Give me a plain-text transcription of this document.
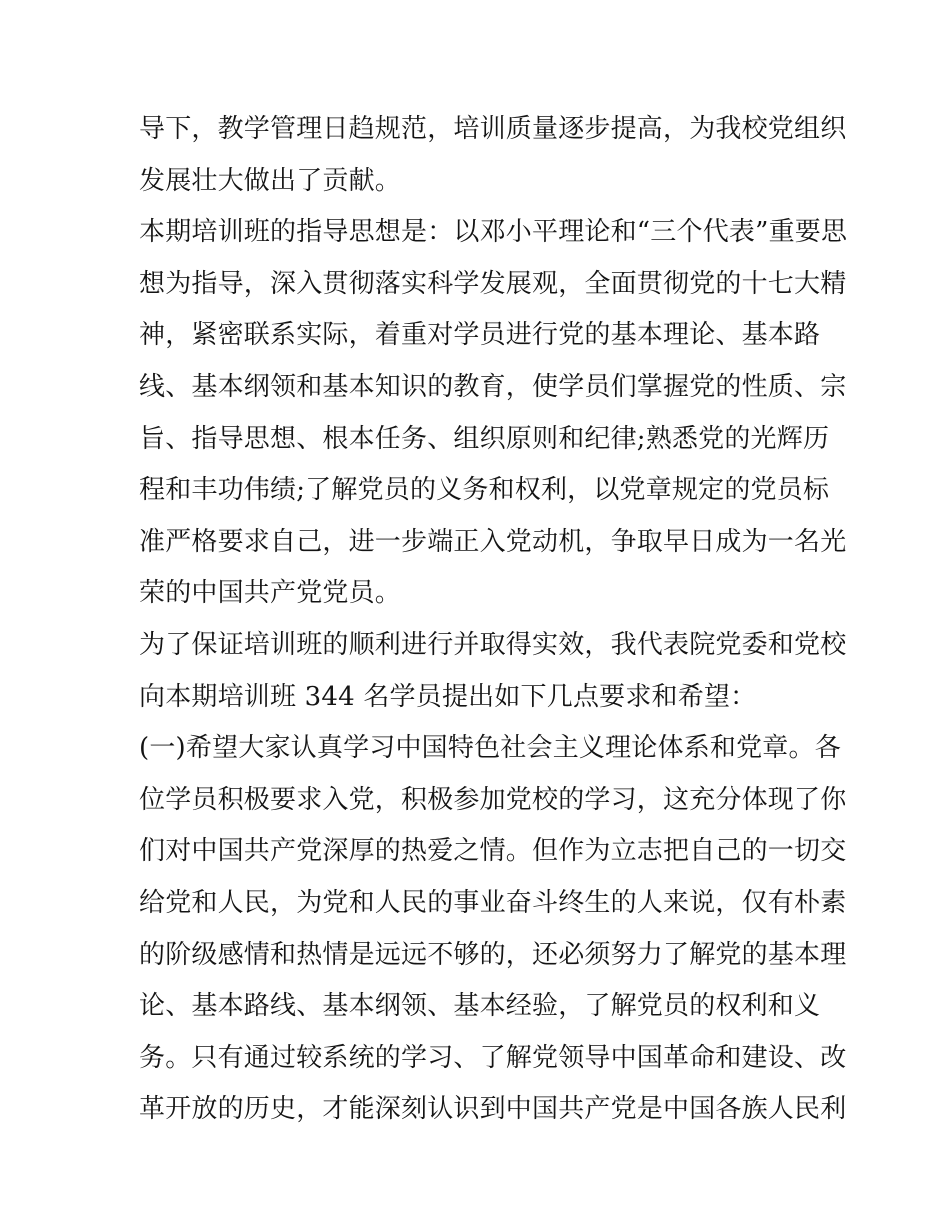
导下，教学管理日趋规范，培训质量逐步提高，为我校党组织
发展壮大做出了贡献。
本期培训班的指导思想是：以邓小平理论和“三个代表”重要思
想为指导，深入贯彻落实科学发展观，全面贯彻党的十七大精
神，紧密联系实际，着重对学员进行党的基本理论、基本路
线、基本纲领和基本知识的教育，使学员们掌握党的性质、宗
旨、指导思想、根本任务、组织原则和纪律;熟悉党的光辉历
程和丰功伟绩;了解党员的义务和权利，以党章规定的党员标
准严格要求自己，进一步端正入党动机，争取早日成为一名光
荣的中国共产党党员。
为了保证培训班的顺利进行并取得实效，我代表院党委和党校
向本期培训班 344 名学员提出如下几点要求和希望：
(一)希望大家认真学习中国特色社会主义理论体系和党章。各
位学员积极要求入党，积极参加党校的学习，这充分体现了你
们对中国共产党深厚的热爱之情。但作为立志把自己的一切交
给党和人民，为党和人民的事业奋斗终生的人来说，仅有朴素
的阶级感情和热情是远远不够的，还必须努力了解党的基本理
论、基本路线、基本纲领、基本经验，了解党员的权利和义
务。只有通过较系统的学习、了解党领导中国革命和建设、改
革开放的历史，才能深刻认识到中国共产党是中国各族人民利
